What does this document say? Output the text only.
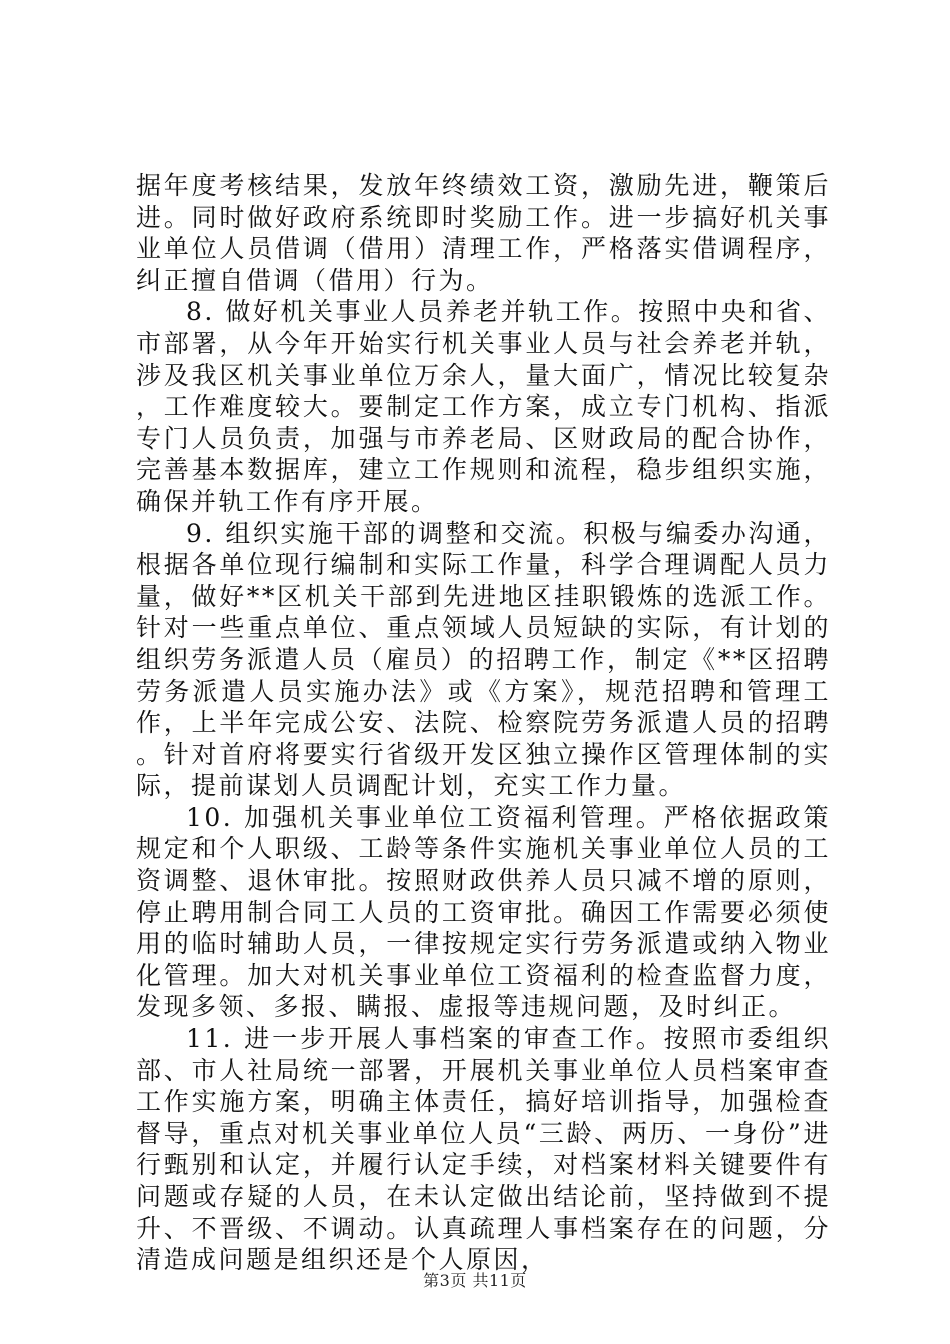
据年度考核结果，发放年终绩效工资，激励先进，鞭策后进。同时做好政府系统即时奖励工作。进一步搞好机关事业单位人员借调（借用）清理工作，严格落实借调程序，纠正擅自借调（借用）行为。

8. 做好机关事业人员养老并轨工作。按照中央和省、市部署，从今年开始实行机关事业人员与社会养老并轨，涉及我区机关事业单位万余人，量大面广，情况比较复杂，工作难度较大。要制定工作方案，成立专门机构、指派专门人员负责，加强与市养老局、区财政局的配合协作，完善基本数据库，建立工作规则和流程，稳步组织实施，确保并轨工作有序开展。

9. 组织实施干部的调整和交流。积极与编委办沟通，根据各单位现行编制和实际工作量，科学合理调配人员力量，做好**区机关干部到先进地区挂职锻炼的选派工作。针对一些重点单位、重点领域人员短缺的实际，有计划的组织劳务派遣人员（雇员）的招聘工作，制定《**区招聘劳务派遣人员实施办法》或《方案》，规范招聘和管理工作，上半年完成公安、法院、检察院劳务派遣人员的招聘。针对首府将要实行省级开发区独立操作区管理体制的实际，提前谋划人员调配计划，充实工作力量。

10. 加强机关事业单位工资福利管理。严格依据政策规定和个人职级、工龄等条件实施机关事业单位人员的工资调整、退休审批。按照财政供养人员只减不增的原则，停止聘用制合同工人员的工资审批。确因工作需要必须使用的临时辅助人员，一律按规定实行劳务派遣或纳入物业化管理。加大对机关事业单位工资福利的检查监督力度，发现多领、多报、瞒报、虚报等违规问题，及时纠正。

11. 进一步开展人事档案的审查工作。按照市委组织部、市人社局统一部署，开展机关事业单位人员档案审查工作实施方案，明确主体责任，搞好培训指导，加强检查督导，重点对机关事业单位人员“三龄、两历、一身份”进行甄别和认定，并履行认定手续，对档案材料关键要件有问题或存疑的人员，在未认定做出结论前，坚持做到不提升、不晋级、不调动。认真疏理人事档案存在的问题，分清造成问题是组织还是个人原因，

第3页 共11页
